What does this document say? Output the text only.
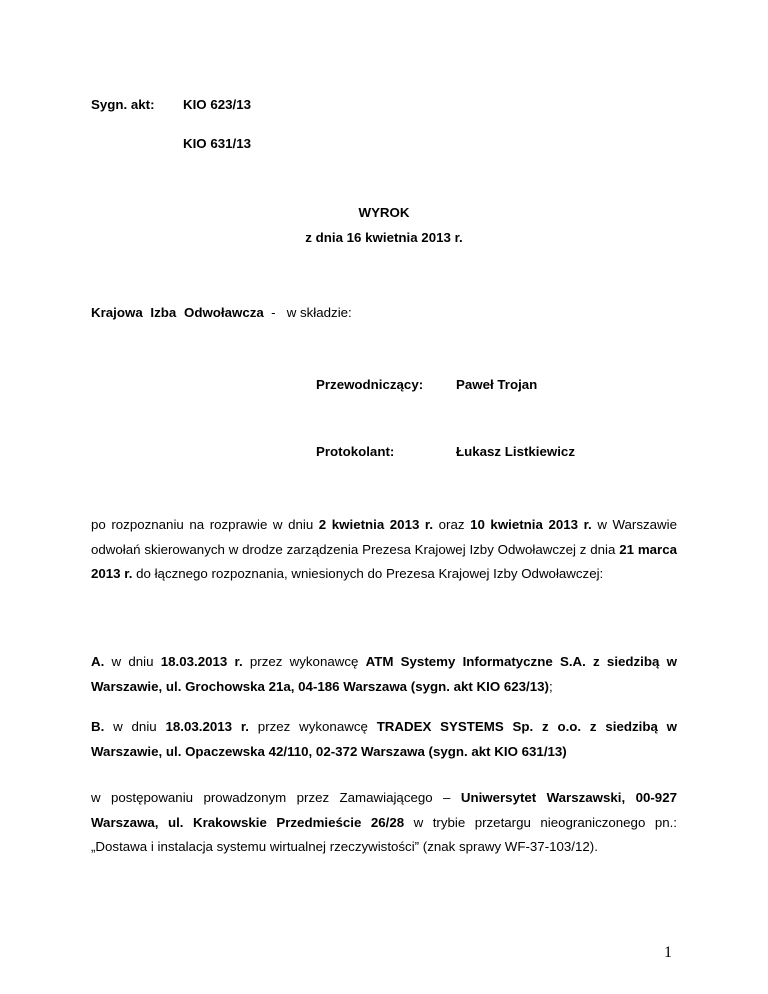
Sygn. akt: KIO 623/13
KIO 631/13
WYROK
z dnia 16 kwietnia 2013 r.
Krajowa Izba Odwoławcza - w składzie:
Przewodniczący: Paweł Trojan
Protokolant:	Łukasz Listkiewicz
po rozpoznaniu na rozprawie w dniu 2 kwietnia 2013 r. oraz 10 kwietnia 2013 r. w Warszawie odwołań skierowanych w drodze zarządzenia Prezesa Krajowej Izby Odwoławczej z dnia 21 marca 2013 r. do łącznego rozpoznania, wniesionych do Prezesa Krajowej Izby Odwoławczej:
A. w dniu 18.03.2013 r. przez wykonawcę ATM Systemy Informatyczne S.A. z siedzibą w Warszawie, ul. Grochowska 21a, 04-186 Warszawa (sygn. akt KIO 623/13);
B. w dniu 18.03.2013 r. przez wykonawcę TRADEX SYSTEMS Sp. z o.o. z siedzibą w Warszawie, ul. Opaczewska 42/110, 02-372 Warszawa (sygn. akt KIO 631/13)
w postępowaniu prowadzonym przez Zamawiającego – Uniwersytet Warszawski, 00-927 Warszawa, ul. Krakowskie Przedmieście 26/28 w trybie przetargu nieograniczonego pn.: „Dostawa i instalacja systemu wirtualnej rzeczywistości” (znak sprawy WF-37-103/12).
1
